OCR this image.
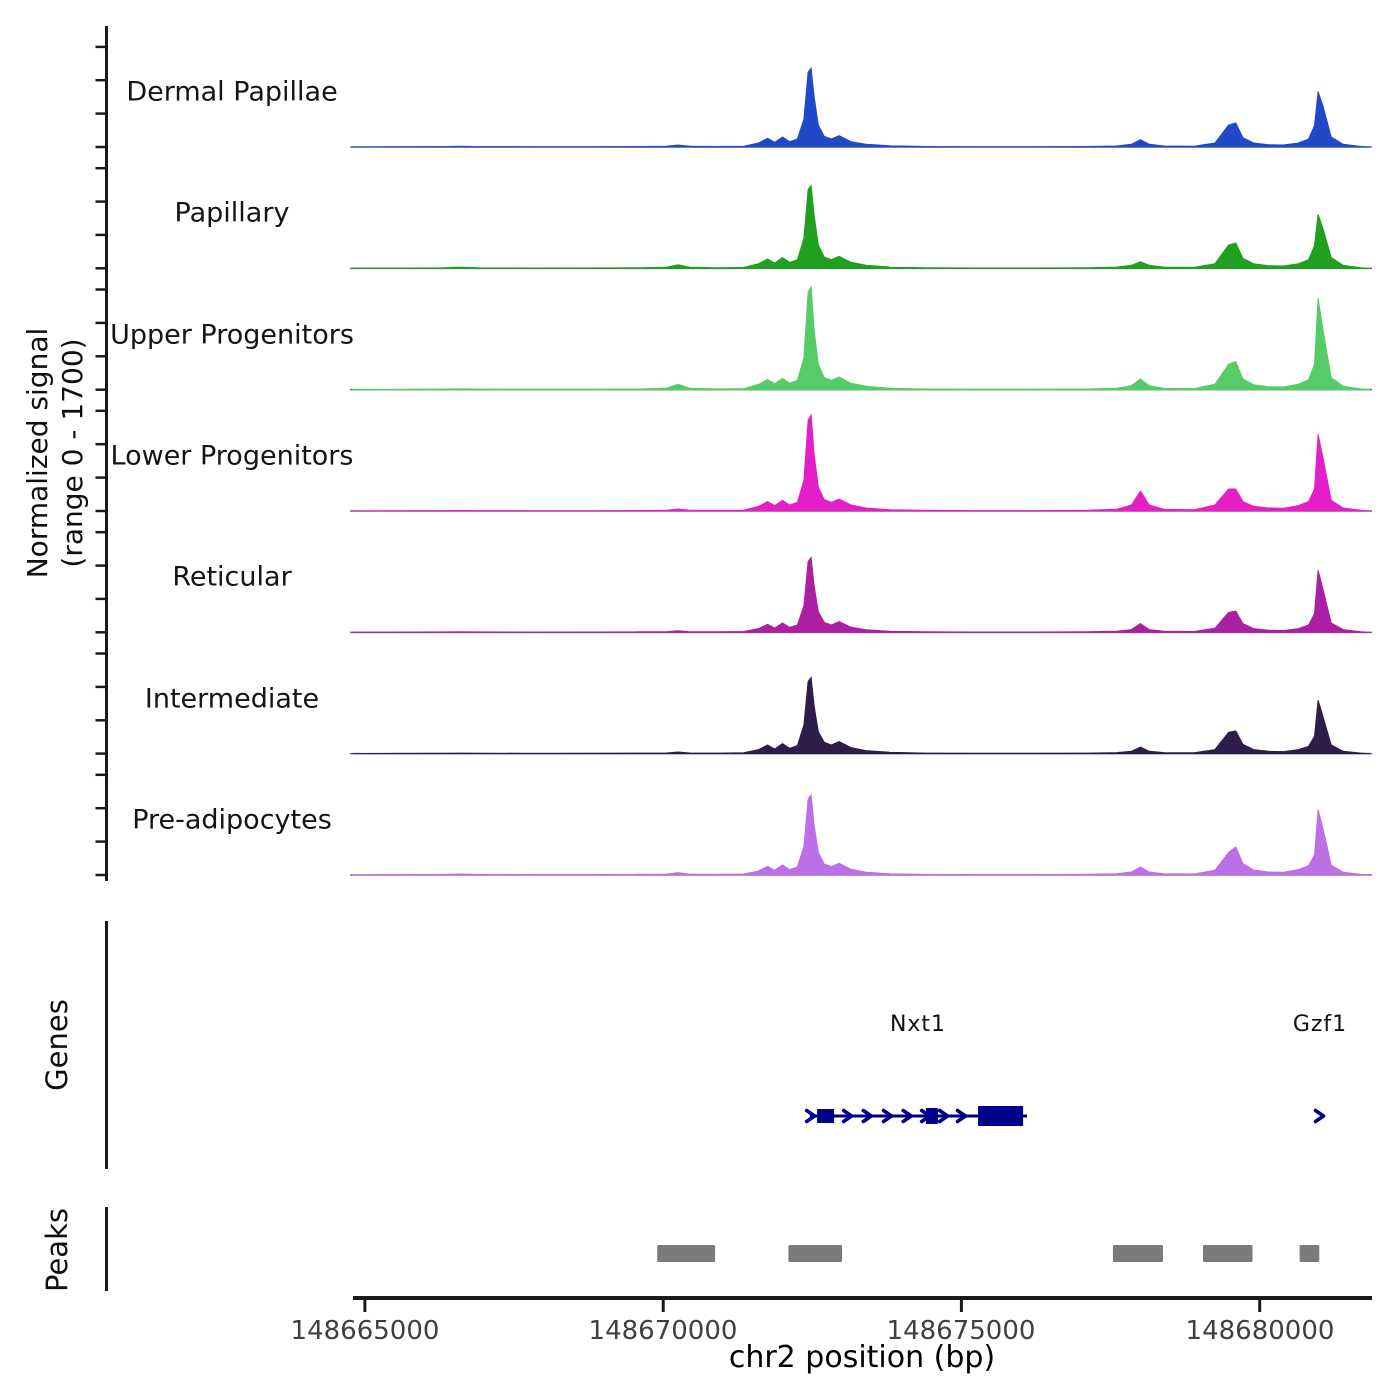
Normalized signal (range 0 - 1700)
Genes
Peaks
Dermal Papillae
Papillary
Upper Progenitors
Lower Progenitors
Reticular
Intermediate
Pre-adipocytes
Nxt1	Gzf1
148665000	148670000	148675000	148680000
chr2 position (bp)
